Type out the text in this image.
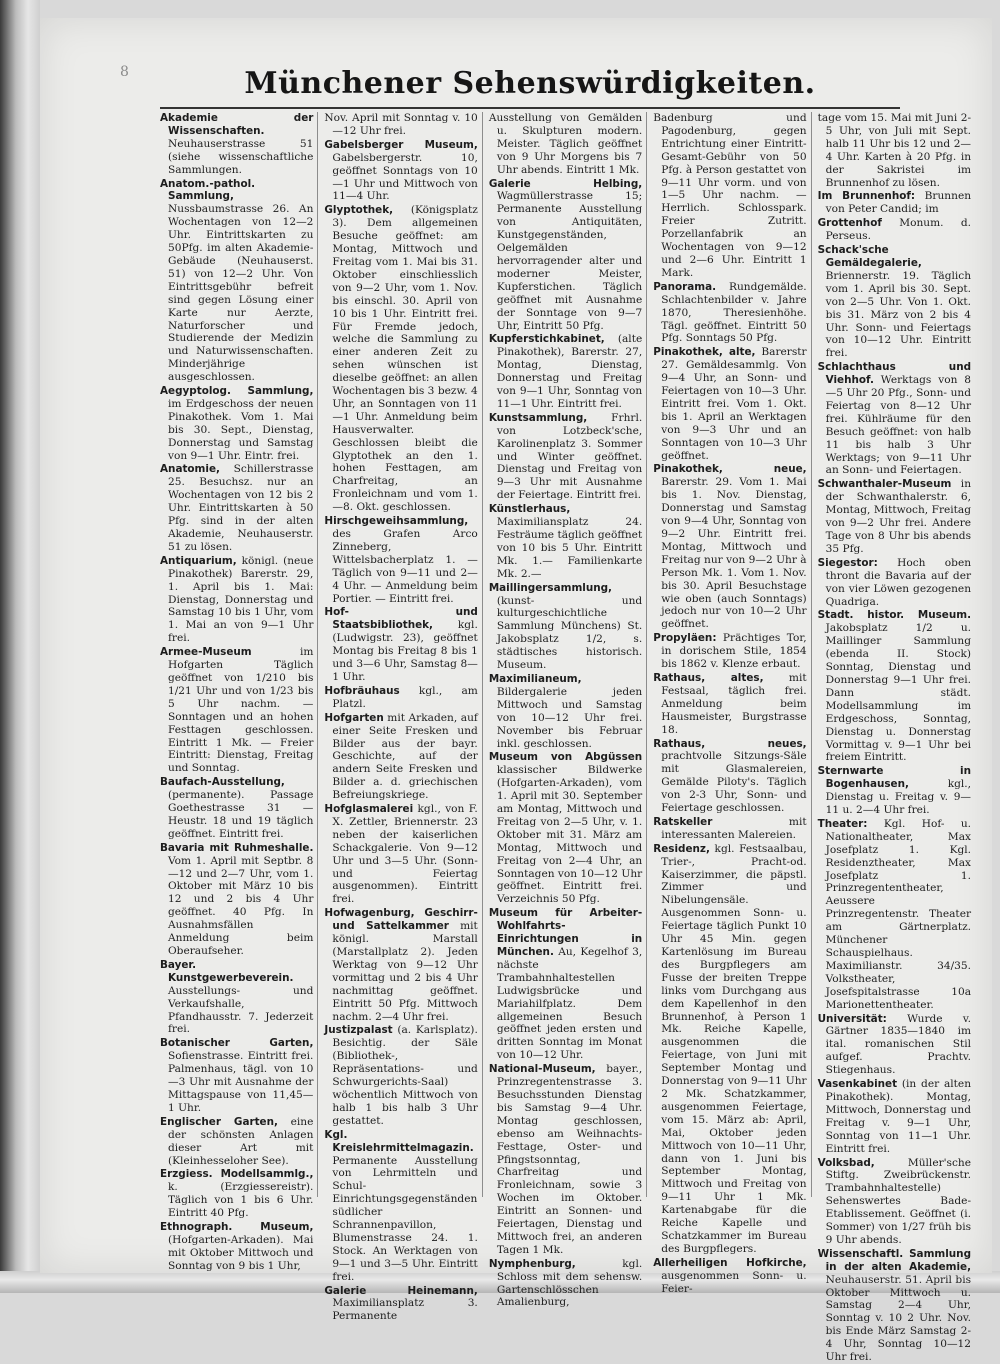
8	Münchener Sehenswürdigkeiten.

Akademie der Wissenschaften. Neuhauserstrasse 51 (siehe wissenschaftliche Sammlungen.

Anatom.-pathol. Sammlung, Nussbaumstrasse 26. An Wochentagen von 12—2 Uhr. Eintrittskarten zu 50Pfg. im alten Akademie-Gebäude (Neuhauserst. 51) von 12—2 Uhr. Von Eintrittsgebühr befreit sind gegen Lösung einer Karte nur Aerzte, Naturforscher und Studierende der Medizin und Naturwissenschaften. Minderjährige ausgeschlossen.

Aegyptolog. Sammlung, im Erdgeschoss der neuen Pinakothek. Vom 1. Mai bis 30. Sept., Dienstag, Donnerstag und Samstag von 9—1 Uhr. Eintr. frei.

Anatomie, Schillerstrasse 25. Besuchsz. nur an Wochentagen von 12 bis 2 Uhr. Eintrittskarten à 50 Pfg. sind in der alten Akademie, Neuhauserstr. 51 zu lösen.

Antiquarium, königl. (neue Pinakothek) Barerstr. 29, 1. April bis 1. Mai: Dienstag, Donnerstag und Samstag 10 bis 1 Uhr, vom 1. Mai an von 9—1 Uhr frei.

Armee-Museum im Hofgarten Täglich geöffnet von 1/210 bis 1/21 Uhr und von 1/23 bis 5 Uhr nachm. — Sonntagen und an hohen Festtagen geschlossen. Eintritt 1 Mk. — Freier Eintritt: Dienstag, Freitag und Sonntag.

Baufach-Ausstellung, (permanente). Passage Goethestrasse 31 — Heustr. 18 und 19 täglich geöffnet. Eintritt frei.

Bavaria mit Ruhmeshalle. Vom 1. April mit Septbr. 8—12 und 2—7 Uhr, vom 1. Oktober mit März 10 bis 12 und 2 bis 4 Uhr geöffnet. 40 Pfg. In Ausnahmsfällen Anmeldung beim Oberaufseher.

Bayer. Kunstgewerbeverein. Ausstellungs- und Verkaufshalle, Pfandhausstr. 7. Jederzeit frei.

Botanischer Garten, Sofienstrasse. Eintritt frei. Palmenhaus, tägl. von 10—3 Uhr mit Ausnahme der Mittagspause von 11,45—1 Uhr.

Englischer Garten, eine der schönsten Anlagen dieser Art mit (Kleinhesseloher See).

Erzgiess. Modellsammlg., k. (Erzgiessereistr). Täglich von 1 bis 6 Uhr. Eintritt 40 Pfg.

Ethnograph. Museum, (Hofgarten-Arkaden). Mai mit Oktober Mittwoch und Sonntag von 9 bis 1 Uhr,

Nov. April mit Sonntag v. 10—12 Uhr frei.

Gabelsberger Museum, Gabelsbergerstr. 10, geöffnet Sonntags von 10—1 Uhr und Mittwoch von 11—4 Uhr.

Glyptothek, (Königsplatz 3). Dem allgemeinen Besuche geöffnet: am Montag, Mittwoch und Freitag vom 1. Mai bis 31. Oktober einschliesslich von 9—2 Uhr, vom 1. Nov. bis einschl. 30. April von 10 bis 1 Uhr. Eintritt frei. Für Fremde jedoch, welche die Sammlung zu einer anderen Zeit zu sehen wünschen ist dieselbe geöffnet: an allen Wochentagen bis 3 bezw. 4 Uhr, an Sonntagen von 11—1 Uhr. Anmeldung beim Hausverwalter. Geschlossen bleibt die Glyptothek an den 1. hohen Festtagen, am Charfreitag, an Fronleichnam und vom 1.—8. Okt. geschlossen.

Hirschgeweihsammlung, des Grafen Arco Zinneberg, Wittelsbacherplatz 1. — Täglich von 9—11 und 2—4 Uhr. — Anmeldung beim Portier. — Eintritt frei.

Hof- und Staatsbibliothek, kgl. (Ludwigstr. 23), geöffnet Montag bis Freitag 8 bis 1 und 3—6 Uhr, Samstag 8—1 Uhr.

Hofbräuhaus kgl., am Platzl.

Hofgarten mit Arkaden, auf einer Seite Fresken und Bilder aus der bayr. Geschichte, auf der andern Seite Fresken und Bilder a. d. griechischen Befreiungskriege.

Hofglasmalerei kgl., von F. X. Zettler, Briennerstr. 23 neben der kaiserlichen Schackgalerie. Von 9—12 Uhr und 3—5 Uhr. (Sonn- und Feiertag ausgenommen). Eintritt frei.

Hofwagenburg, Geschirr- und Sattelkammer mit königl. Marstall (Marstallplatz 2). Jeden Werktag von 9—12 Uhr vormittag und 2 bis 4 Uhr nachmittag geöffnet. Eintritt 50 Pfg. Mittwoch nachm. 2—4 Uhr frei.

Justizpalast (a. Karlsplatz). Besichtig. der Säle (Bibliothek-, Repräsentations- und Schwurgerichts-Saal) wöchentlich Mittwoch von halb 1 bis halb 3 Uhr gestattet.

Kgl. Kreislehrmittelmagazin. Permanente Ausstellung von Lehrmitteln und Schul-Einrichtungsgegenständen südlicher Schrannenpavillon, Blumenstrasse 24. 1. Stock. An Werktagen von 9—1 und 3—5 Uhr. Eintritt frei.

Galerie Heinemann, Maximiliansplatz 3. Permanente

Ausstellung von Gemälden u. Skulpturen modern. Meister. Täglich geöffnet von 9 Uhr Morgens bis 7 Uhr abends. Eintritt 1 Mk.

Galerie Helbing, Wagmüllerstrasse 15; Permanente Ausstellung von Antiquitäten, Kunstgegenständen, Oelgemälden hervorragender alter und moderner Meister, Kupferstichen. Täglich geöffnet mit Ausnahme der Sonntage von 9—7 Uhr, Eintritt 50 Pfg.

Kupferstichkabinet, (alte Pinakothek), Barerstr. 27, Montag, Dienstag, Donnerstag und Freitag von 9—1 Uhr, Sonntag von 11—1 Uhr. Eintritt frei.

Kunstsammlung, Frhrl. von Lotzbeck'sche, Karolinenplatz 3. Sommer und Winter geöffnet. Dienstag und Freitag von 9—3 Uhr mit Ausnahme der Feiertage. Eintritt frei.

Künstlerhaus, Maximiliansplatz 24. Festräume täglich geöffnet von 10 bis 5 Uhr. Eintritt Mk. 1.— Familienkarte Mk. 2.—

Maillingersammlung, (kunst- und kulturgeschichtliche Sammlung Münchens) St. Jakobsplatz 1/2, s. städtisches historisch. Museum.

Maximilianeum, Bildergalerie jeden Mittwoch und Samstag von 10—12 Uhr frei. November bis Februar inkl. geschlossen.

Museum von Abgüssen klassischer Bildwerke (Hofgarten-Arkaden), vom 1. April mit 30. September am Montag, Mittwoch und Freitag von 2—5 Uhr, v. 1. Oktober mit 31. März am Montag, Mittwoch und Freitag von 2—4 Uhr, an Sonntagen von 10—12 Uhr geöffnet. Eintritt frei. Verzeichnis 50 Pfg.

Museum für Arbeiter-Wohlfahrts-Einrichtungen in München. Au, Kegelhof 3, nächste Trambahnhaltestellen Ludwigsbrücke und Mariahilfplatz. Dem allgemeinen Besuch geöffnet jeden ersten und dritten Sonntag im Monat von 10—12 Uhr.

National-Museum, bayer., Prinzregentenstrasse 3. Besuchsstunden Dienstag bis Samstag 9—4 Uhr. Montag geschlossen, ebenso am Weihnachts-Festtage, Oster- und Pfingstsonntag, Charfreitag und Fronleichnam, sowie 3 Wochen im Oktober. Eintritt an Sonnen- und Feiertagen, Dienstag und Mittwoch frei, an anderen Tagen 1 Mk.

Nymphenburg, kgl. Schloss mit dem sehensw. Gartenschlösschen Amalienburg,

Badenburg und Pagodenburg, gegen Entrichtung einer Eintritt-Gesamt-Gebühr von 50 Pfg. à Person gestattet von 9—11 Uhr vorm. und von 1—5 Uhr nachm. — Herrlich. Schlosspark. Freier Zutritt. Porzellanfabrik an Wochentagen von 9—12 und 2—6 Uhr. Eintritt 1 Mark.

Panorama. Rundgemälde. Schlachtenbilder v. Jahre 1870, Theresienhöhe. Tägl. geöffnet. Eintritt 50 Pfg. Sonntags 50 Pfg.

Pinakothek, alte, Barerstr 27. Gemäldesammlg. Von 9—4 Uhr, an Sonn- und Feiertagen von 10—3 Uhr. Eintritt frei. Vom 1. Okt. bis 1. April an Werktagen von 9—3 Uhr und an Sonntagen von 10—3 Uhr geöffnet.

Pinakothek, neue, Barerstr. 29. Vom 1. Mai bis 1. Nov. Dienstag, Donnerstag und Samstag von 9—4 Uhr, Sonntag von 9—2 Uhr. Eintritt frei. Montag, Mittwoch und Freitag nur von 9—2 Uhr à Person Mk. 1. Vom 1. Nov. bis 30. April Besuchstage wie oben (auch Sonntags) jedoch nur von 10—2 Uhr geöffnet.

Propyläen: Prächtiges Tor, in dorischem Stile, 1854 bis 1862 v. Klenze erbaut.

Rathaus, altes, mit Festsaal, täglich frei. Anmeldung beim Hausmeister, Burgstrasse 18.

Rathaus, neues, prachtvolle Sitzungs-Säle mit Glasmalereien, Gemälde Piloty's. Täglich von 2-3 Uhr, Sonn- und Feiertage geschlossen.

Ratskeller mit interessanten Malereien.

Residenz, kgl. Festsaalbau, Trier-, Pracht-od. Kaiserzimmer, die päpstl. Zimmer und Nibelungensäle. Ausgenommen Sonn- u. Feiertage täglich Punkt 10 Uhr 45 Min. gegen Kartenlösung im Bureau des Burgpflegers am Fusse der breiten Treppe links vom Durchgang aus dem Kapellenhof in den Brunnenhof, à Person 1 Mk. Reiche Kapelle, ausgenommen die Feiertage, von Juni mit September Montag und Donnerstag von 9—11 Uhr 2 Mk. Schatzkammer, ausgenommen Feiertage, vom 15. März ab: April, Mai, Oktober jeden Mittwoch von 10—11 Uhr, dann von 1. Juni bis September Montag, Mittwoch und Freitag von 9—11 Uhr 1 Mk. Kartenabgabe für die Reiche Kapelle und Schatzkammer im Bureau des Burgpflegers.

Allerheiligen Hofkirche, ausgenommen Sonn- u. Feier-

tage vom 15. Mai mit Juni 2-5 Uhr, von Juli mit Sept. halb 11 Uhr bis 12 und 2—4 Uhr. Karten à 20 Pfg. in der Sakristei im Brunnenhof zu lösen.

Im Brunnenhof: Brunnen von Peter Candid; im

Grottenhof Monum. d. Perseus.

Schack'sche Gemäldegalerie, Briennerstr. 19. Täglich vom 1. April bis 30. Sept. von 2—5 Uhr. Von 1. Okt. bis 31. März von 2 bis 4 Uhr. Sonn- und Feiertags von 10—12 Uhr. Eintritt frei.

Schlachthaus und Viehhof. Werktags von 8—5 Uhr 20 Pfg., Sonn- und Feiertag von 8—12 Uhr frei. Kühlräume für den Besuch geöffnet: von halb 11 bis halb 3 Uhr Werktags; von 9—11 Uhr an Sonn- und Feiertagen.

Schwanthaler-Museum in der Schwanthalerstr. 6, Montag, Mittwoch, Freitag von 9—2 Uhr frei. Andere Tage von 8 Uhr bis abends 35 Pfg.

Siegestor: Hoch oben thront die Bavaria auf der von vier Löwen gezogenen Quadriga.

Stadt. histor. Museum. Jakobsplatz 1/2 u. Maillinger Sammlung (ebenda II. Stock) Sonntag, Dienstag und Donnerstag 9—1 Uhr frei. Dann städt. Modellsammlung im Erdgeschoss, Sonntag, Dienstag u. Donnerstag Vormittag v. 9—1 Uhr bei freiem Eintritt.

Sternwarte in Bogenhausen, kgl., Dienstag u. Freitag v. 9—11 u. 2—4 Uhr frei.

Theater: Kgl. Hof- u. Nationaltheater, Max Josefplatz 1. Kgl. Residenztheater, Max Josefplatz 1. Prinzregententheater, Aeussere Prinzregentenstr. Theater am Gärtnerplatz. Münchener Schauspielhaus. Maximilianstr. 34/35. Volkstheater, Josefspitalstrasse 10a Marionettentheater.

Universität: Wurde v. Gärtner 1835—1840 im ital. romanischen Stil aufgef. Prachtv. Stiegenhaus.

Vasenkabinet (in der alten Pinakothek). Montag, Mittwoch, Donnerstag und Freitag v. 9—1 Uhr, Sonntag von 11—1 Uhr. Eintritt frei.

Volksbad, Müller'sche Stiftg. Zweibrückenstr. Trambahnhaltestelle) Sehenswertes Bade-Etablissement. Geöffnet (i. Sommer) von 1/27 früh bis 9 Uhr abends.

Wissenschaftl. Sammlung in der alten Akademie, Neuhauserstr. 51. April bis Oktober Mittwoch u. Samstag 2—4 Uhr, Sonntag v. 10 2 Uhr. Nov. bis Ende März Samstag 2-4 Uhr, Sonntag 10—12 Uhr frei.
